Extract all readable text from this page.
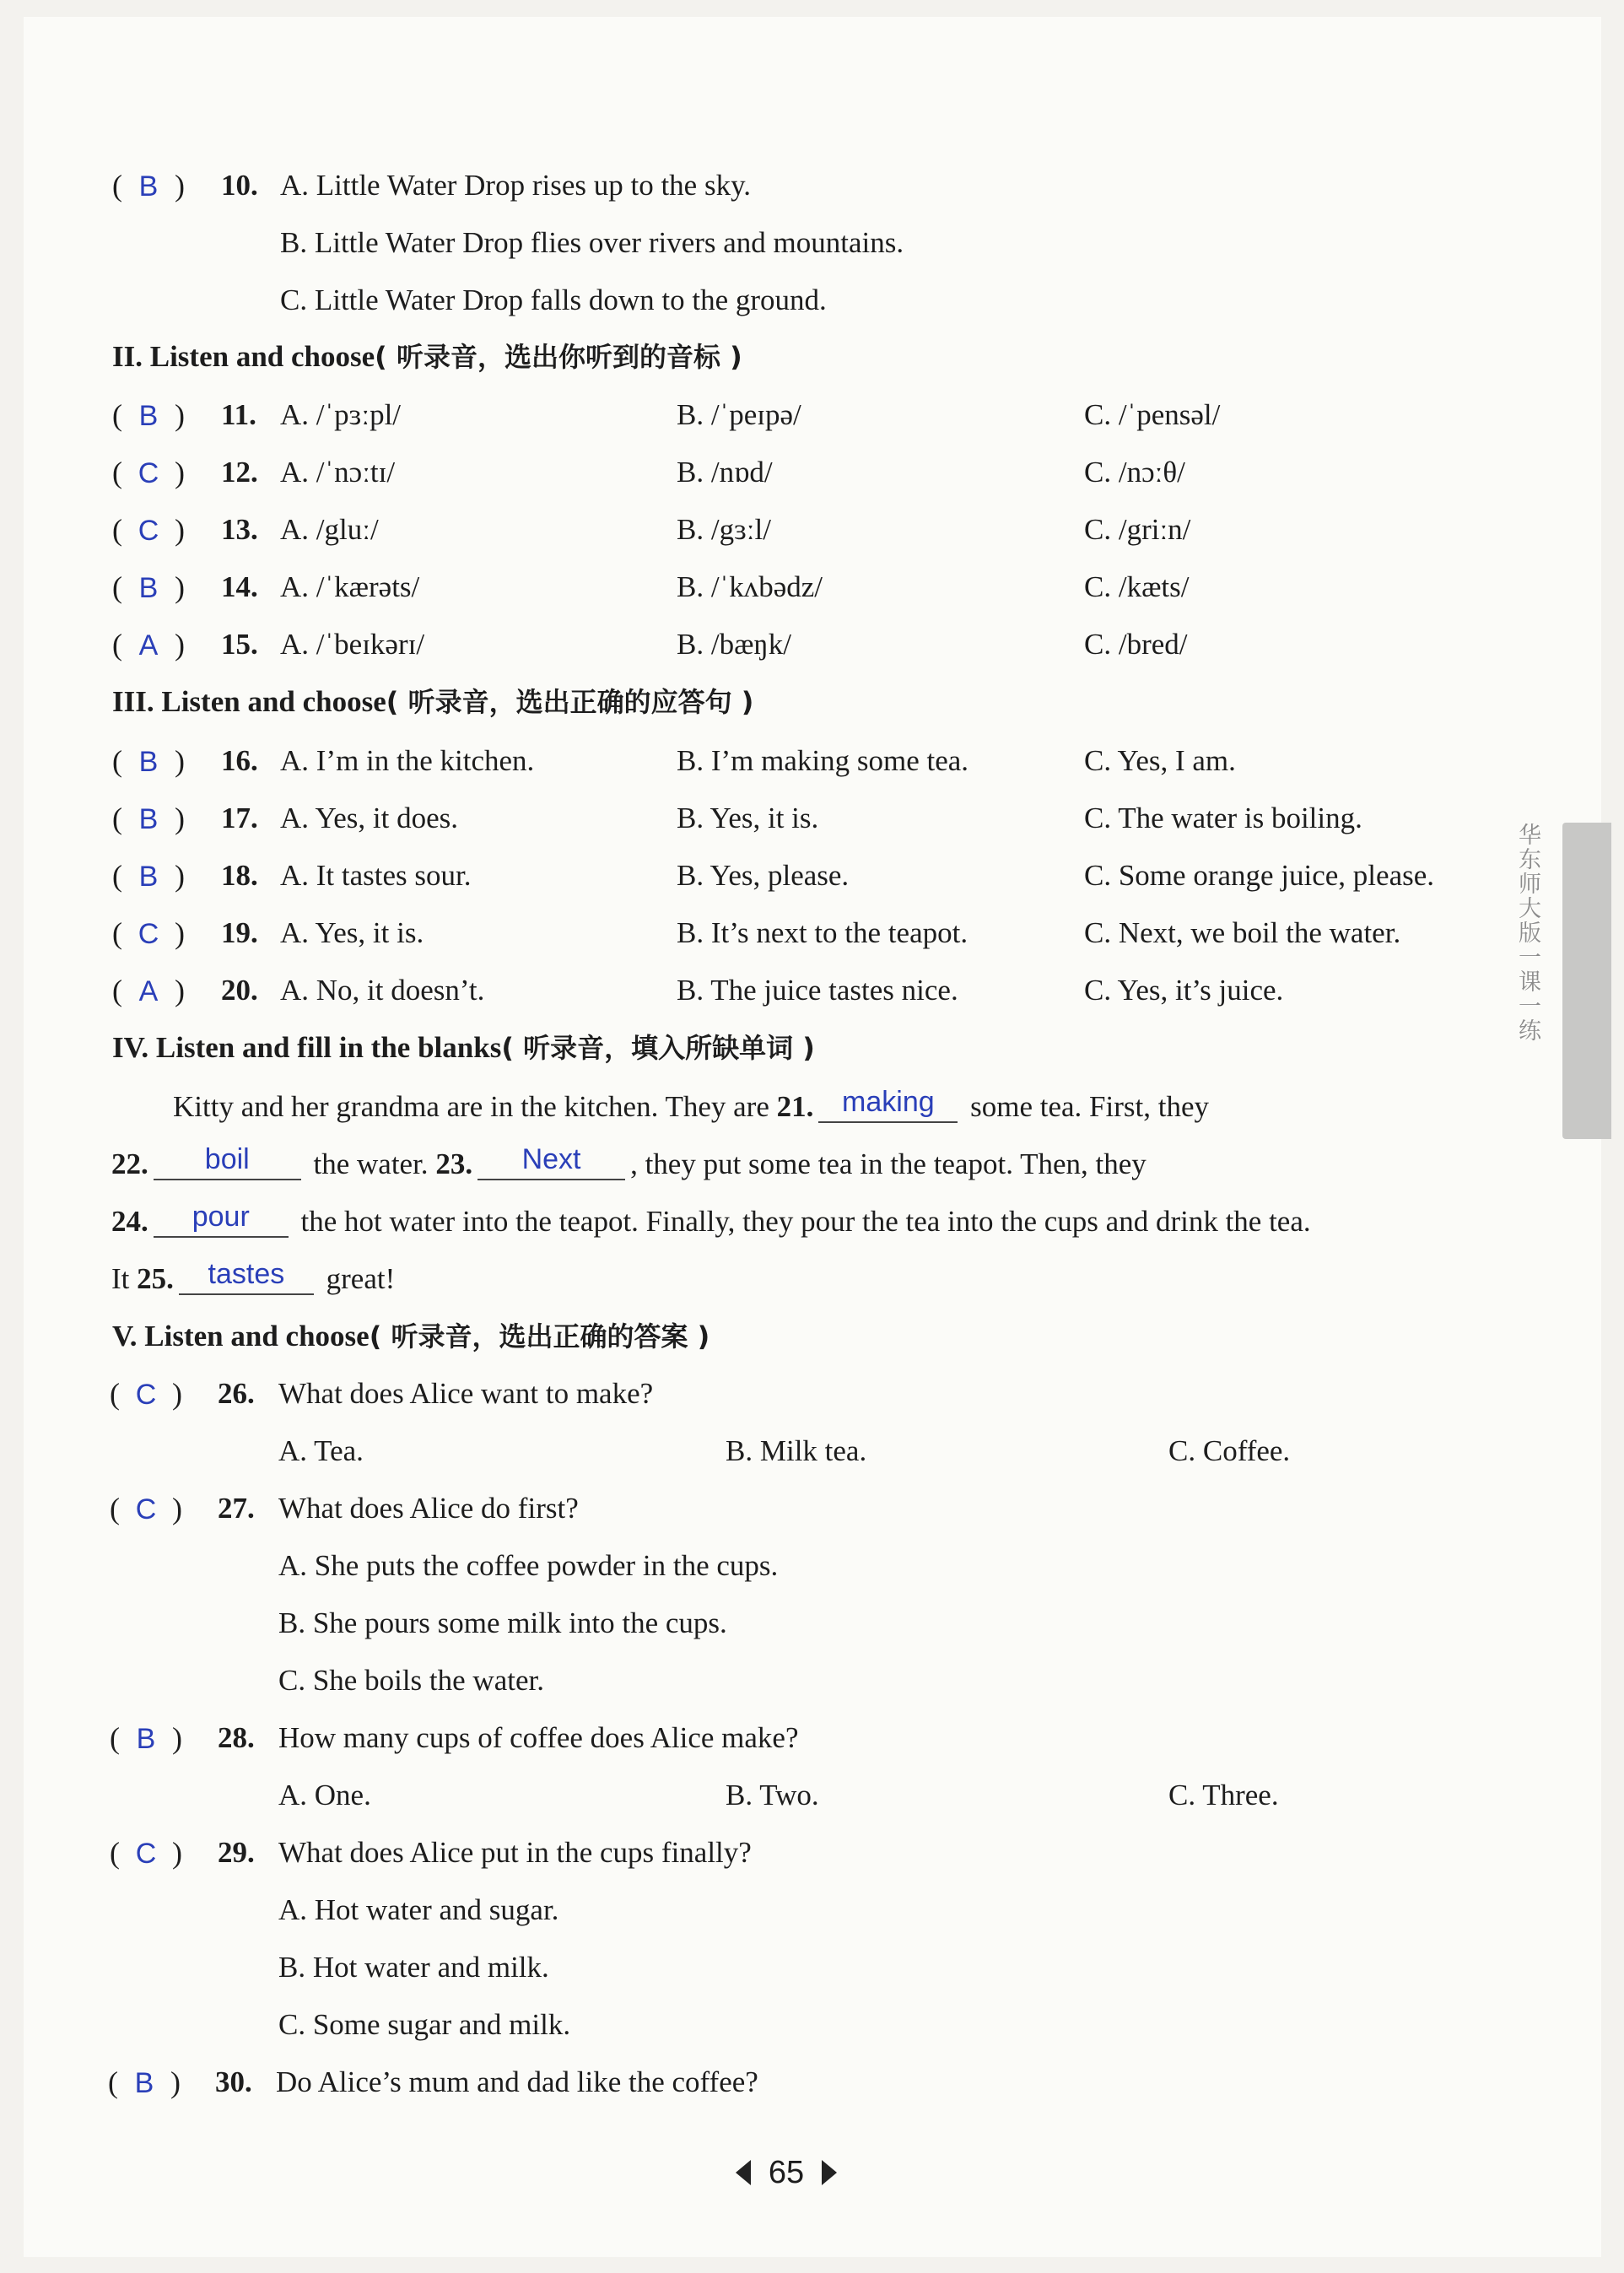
( B ) 10. A. Little Water Drop rises up to the sky.
B. Little Water Drop flies over rivers and mountains.
C. Little Water Drop falls down to the ground.
II. Listen and choose( 听录音，选出你听到的音标 )
( B ) 11. A. /ˈpɜːpl/	B. /ˈpeɪpə/	C. /ˈpensəl/
( C ) 12. A. /ˈnɔːtɪ/	B. /nɒd/	C. /nɔːθ/
( C ) 13. A. /gluː/	B. /gɜːl/	C. /griːn/
( B ) 14. A. /ˈkærəts/	B. /ˈkʌbədz/	C. /kæts/
( A ) 15. A. /ˈbeɪkərɪ/	B. /bæŋk/	C. /bred/
III. Listen and choose( 听录音，选出正确的应答句 )
( B ) 16. A. I’m in the kitchen.	B. I’m making some tea.	C. Yes, I am.
( B ) 17. A. Yes, it does.	B. Yes, it is.	C. The water is boiling.
( B ) 18. A. It tastes sour.	B. Yes, please.	C. Some orange juice, please.
( C ) 19. A. Yes, it is.	B. It’s next to the teapot.	C. Next, we boil the water.
( A ) 20. A. No, it doesn’t.	B. The juice tastes nice.	C. Yes, it’s juice.
IV. Listen and fill in the blanks( 听录音，填入所缺单词 )
Kitty and her grandma are in the kitchen. They are 21. making some tea. First, they
22. boil the water. 23. Next , they put some tea in the teapot. Then, they
24. pour the hot water into the teapot. Finally, they pour the tea into the cups and drink the tea.
It 25. tastes great!
V. Listen and choose( 听录音，选出正确的答案 )
( C ) 26. What does Alice want to make?
A. Tea.	B. Milk tea.	C. Coffee.
( C ) 27. What does Alice do first?
A. She puts the coffee powder in the cups.
B. She pours some milk into the cups.
C. She boils the water.
( B ) 28. How many cups of coffee does Alice make?
A. One.	B. Two.	C. Three.
( C ) 29. What does Alice put in the cups finally?
A. Hot water and sugar.
B. Hot water and milk.
C. Some sugar and milk.
( B ) 30. Do Alice’s mum and dad like the coffee?
华东师大版一课一练
65
